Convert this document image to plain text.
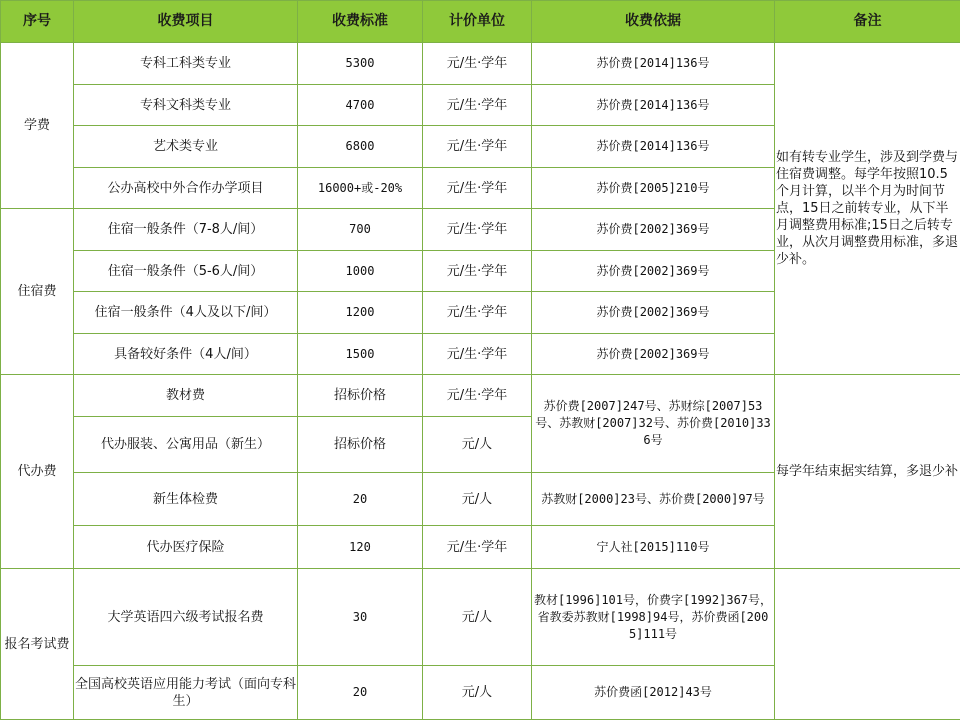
序号	收费项目	收费标准	计价单位	收费依据	备注
学费	专科工科类专业	5300	元/生·学年	苏价费[2014]136号	如有转专业学生，涉及到学费与住宿费调整。每学年按照10.5个月计算，以半个月为时间节点，15日之前转专业，从下半月调整费用标准;15日之后转专业，从次月调整费用标准，多退少补。
	专科文科类专业	4700	元/生·学年	苏价费[2014]136号	
	艺术类专业	6800	元/生·学年	苏价费[2014]136号	
	公办高校中外合作办学项目	16000+或-20%	元/生·学年	苏价费[2005]210号	
住宿费	住宿一般条件（7-8人/间）	700	元/生·学年	苏价费[2002]369号	
	住宿一般条件（5-6人/间）	1000	元/生·学年	苏价费[2002]369号	
	住宿一般条件（4人及以下/间）	1200	元/生·学年	苏价费[2002]369号	
	具备较好条件（4人/间）	1500	元/生·学年	苏价费[2002]369号	
代办费	教材费	招标价格	元/生·学年	苏价费[2007]247号、苏财综[2007]53号、苏教财[2007]32号、苏价费[2010]336号	每学年结束据实结算，多退少补
	代办服装、公寓用品（新生）	招标价格	元/人		
	新生体检费	20	元/人	苏教财[2000]23号、苏价费[2000]97号	
	代办医疗保险	120	元/生·学年	宁人社[2015]110号	
报名考试费	大学英语四六级考试报名费	30	元/人	教材[1996]101号，价费字[1992]367号，省教委苏教财[1998]94号，苏价费函[2005]111号	
	全国高校英语应用能力考试（面向专科生）	20	元/人	苏价费函[2012]43号	
